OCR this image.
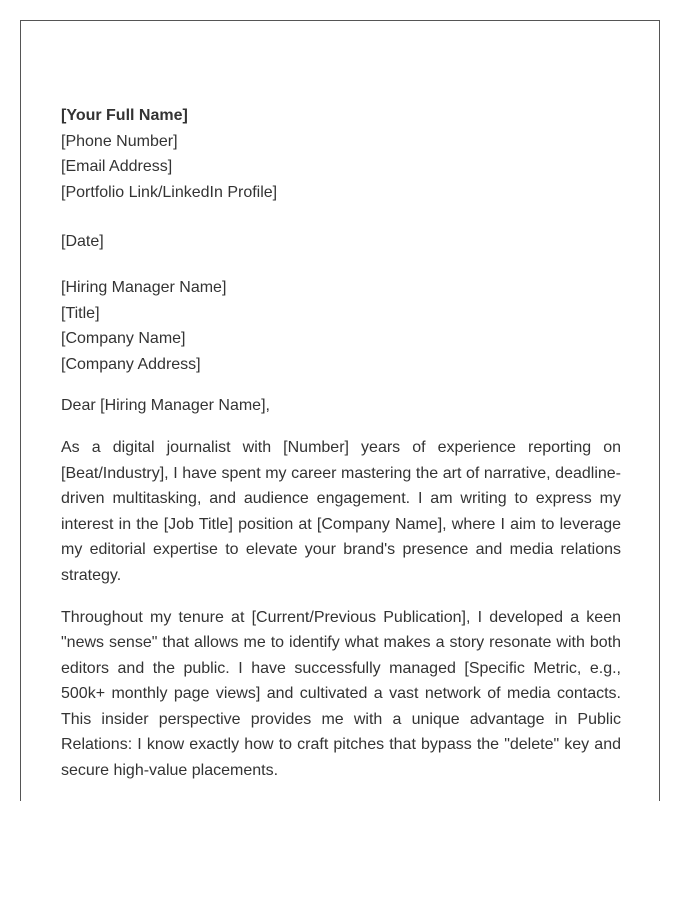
[Your Full Name]
[Phone Number]
[Email Address]
[Portfolio Link/LinkedIn Profile]
[Date]
[Hiring Manager Name]
[Title]
[Company Name]
[Company Address]
Dear [Hiring Manager Name],

As a digital journalist with [Number] years of experience reporting on [Beat/Industry], I have spent my career mastering the art of narrative, deadline-driven multitasking, and audience engagement. I am writing to express my interest in the [Job Title] position at [Company Name], where I aim to leverage my editorial expertise to elevate your brand's presence and media relations strategy.

Throughout my tenure at [Current/Previous Publication], I developed a keen "news sense" that allows me to identify what makes a story resonate with both editors and the public. I have successfully managed [Specific Metric, e.g., 500k+ monthly page views] and cultivated a vast network of media contacts. This insider perspective provides me with a unique advantage in Public Relations: I know exactly how to craft pitches that bypass the "delete" key and secure high-value placements.
